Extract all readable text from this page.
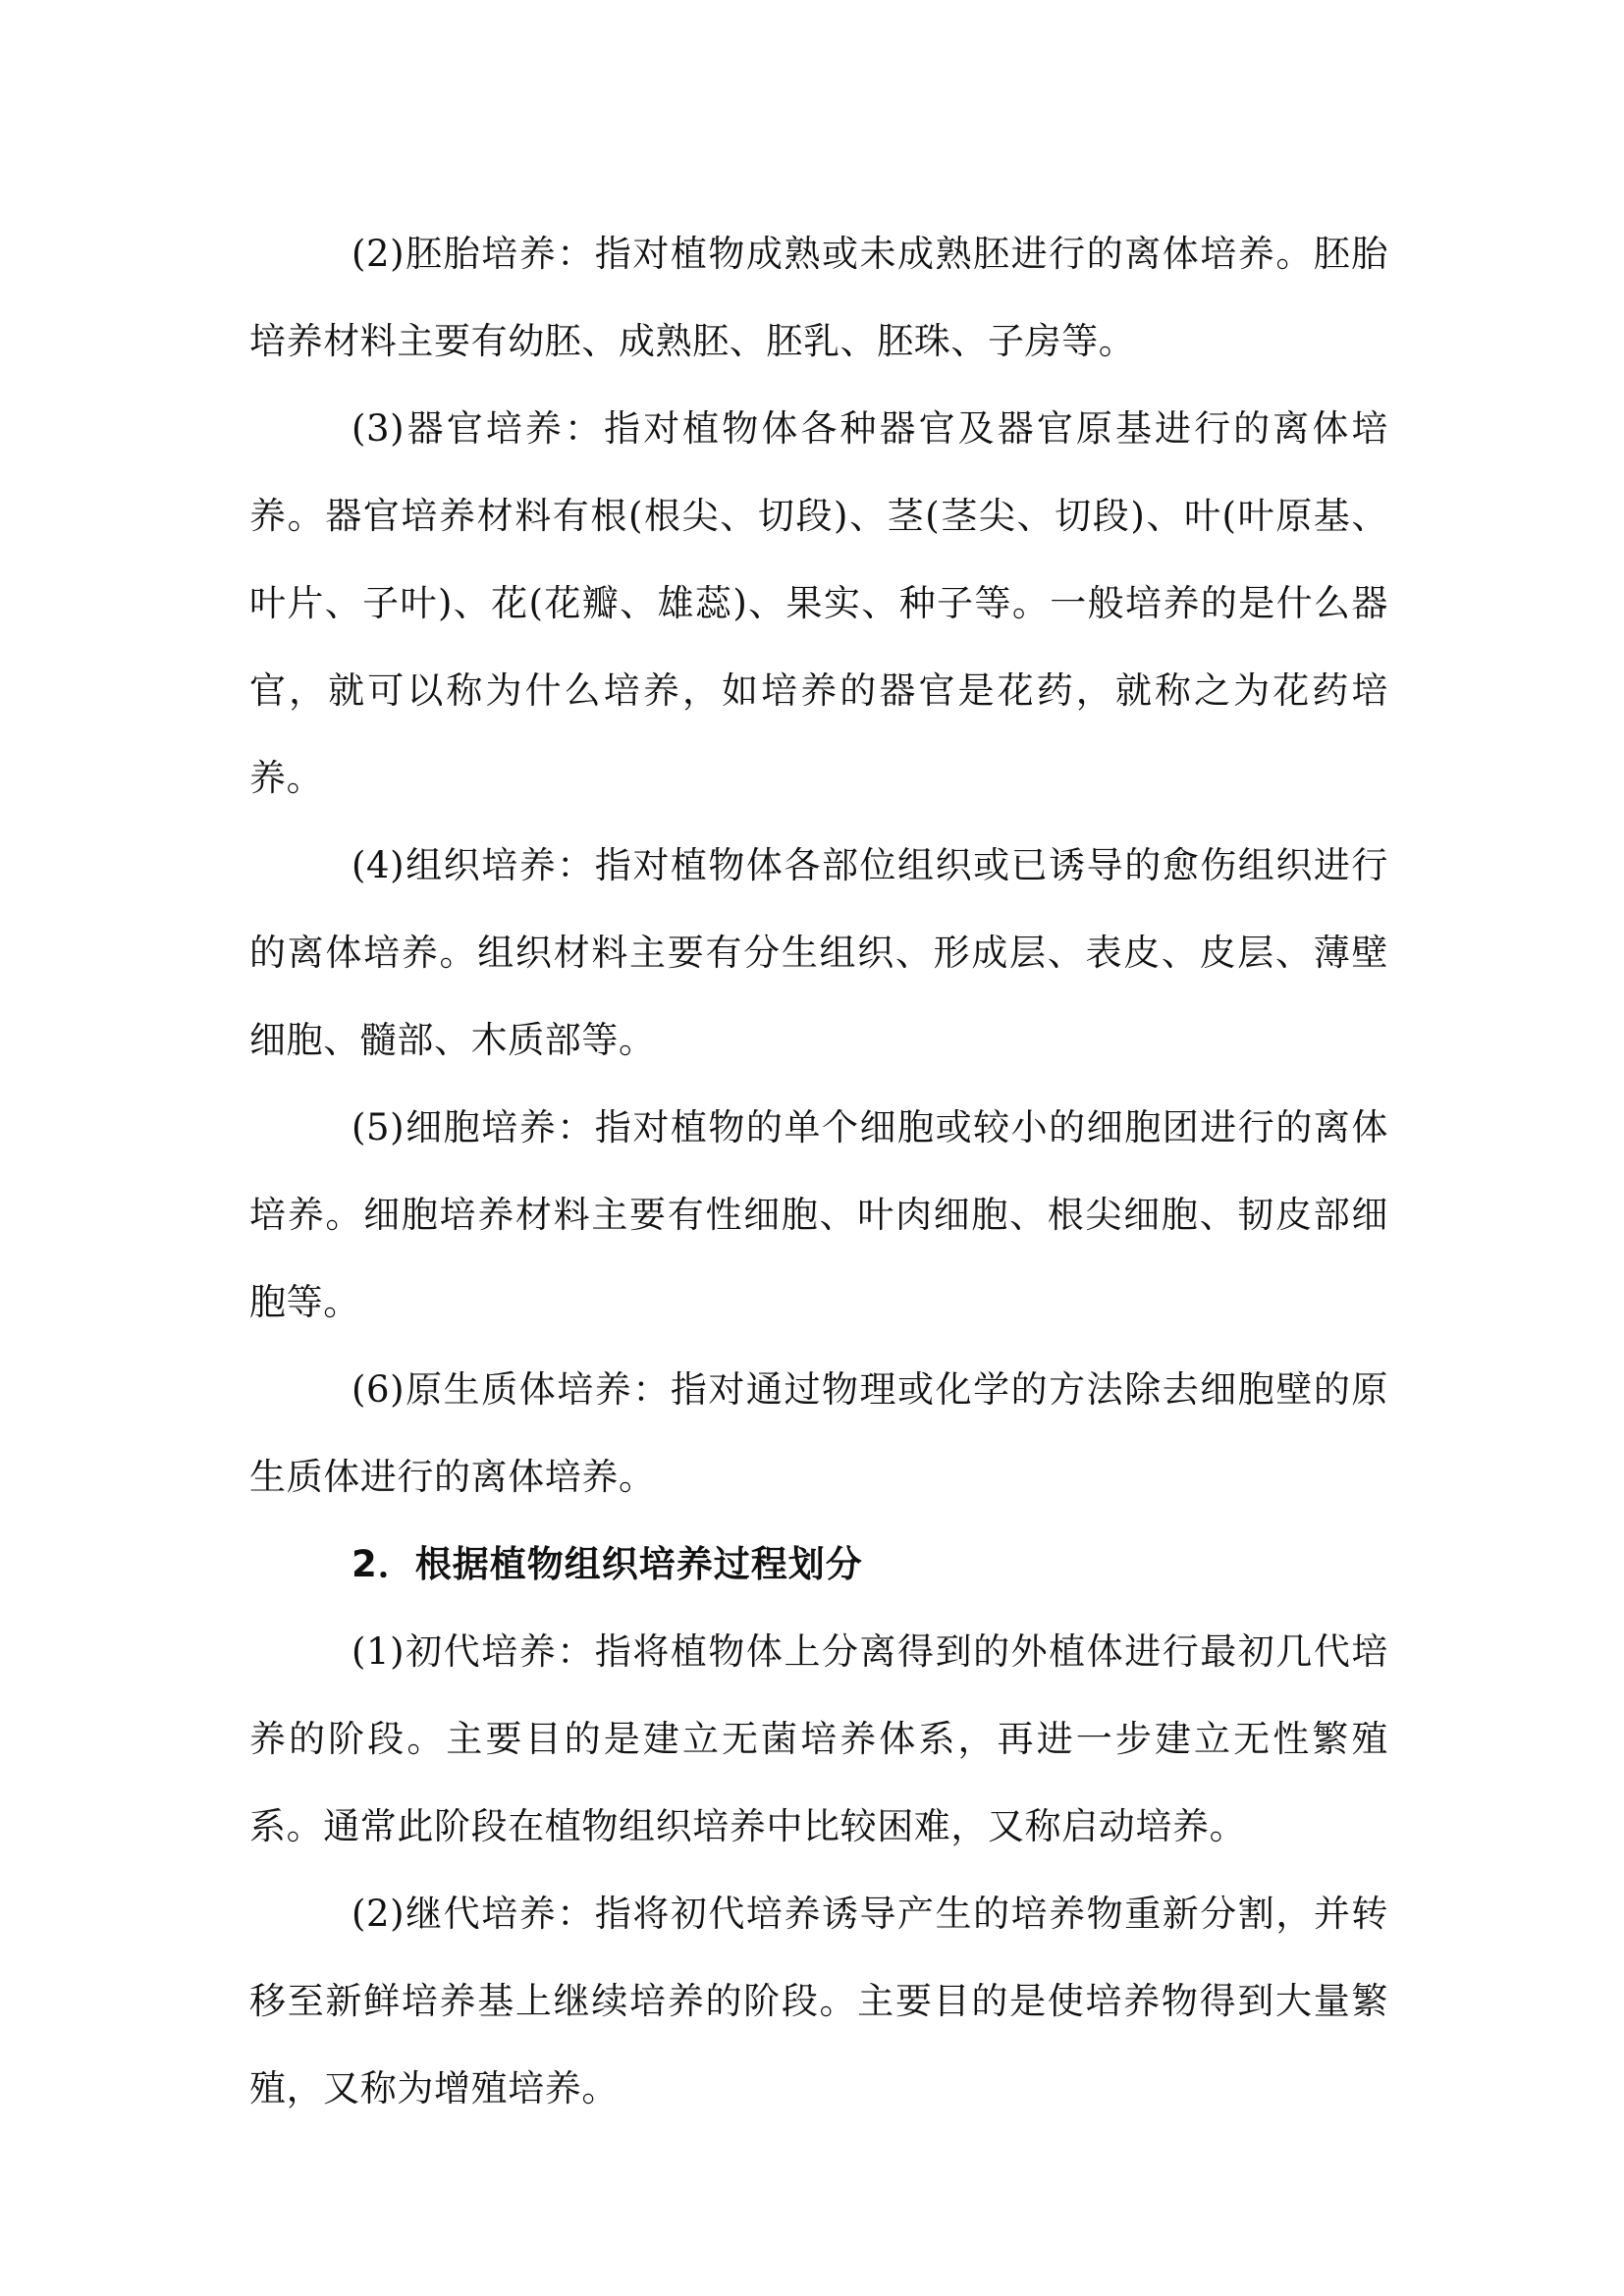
(2)胚胎培养：指对植物成熟或未成熟胚进行的离体培养。胚胎培养材料主要有幼胚、成熟胚、胚乳、胚珠、子房等。

(3)器官培养：指对植物体各种器官及器官原基进行的离体培养。器官培养材料有根(根尖、切段)、茎(茎尖、切段)、叶(叶原基、叶片、子叶)、花(花瓣、雄蕊)、果实、种子等。一般培养的是什么器官，就可以称为什么培养，如培养的器官是花药，就称之为花药培养。

(4)组织培养：指对植物体各部位组织或已诱导的愈伤组织进行的离体培养。组织材料主要有分生组织、形成层、表皮、皮层、薄壁细胞、髓部、木质部等。

(5)细胞培养：指对植物的单个细胞或较小的细胞团进行的离体培养。细胞培养材料主要有性细胞、叶肉细胞、根尖细胞、韧皮部细胞等。

(6)原生质体培养：指对通过物理或化学的方法除去细胞壁的原生质体进行的离体培养。

2．根据植物组织培养过程划分

(1)初代培养：指将植物体上分离得到的外植体进行最初几代培养的阶段。主要目的是建立无菌培养体系，再进一步建立无性繁殖系。通常此阶段在植物组织培养中比较困难，又称启动培养。

(2)继代培养：指将初代培养诱导产生的培养物重新分割，并转移至新鲜培养基上继续培养的阶段。主要目的是使培养物得到大量繁殖，又称为增殖培养。
